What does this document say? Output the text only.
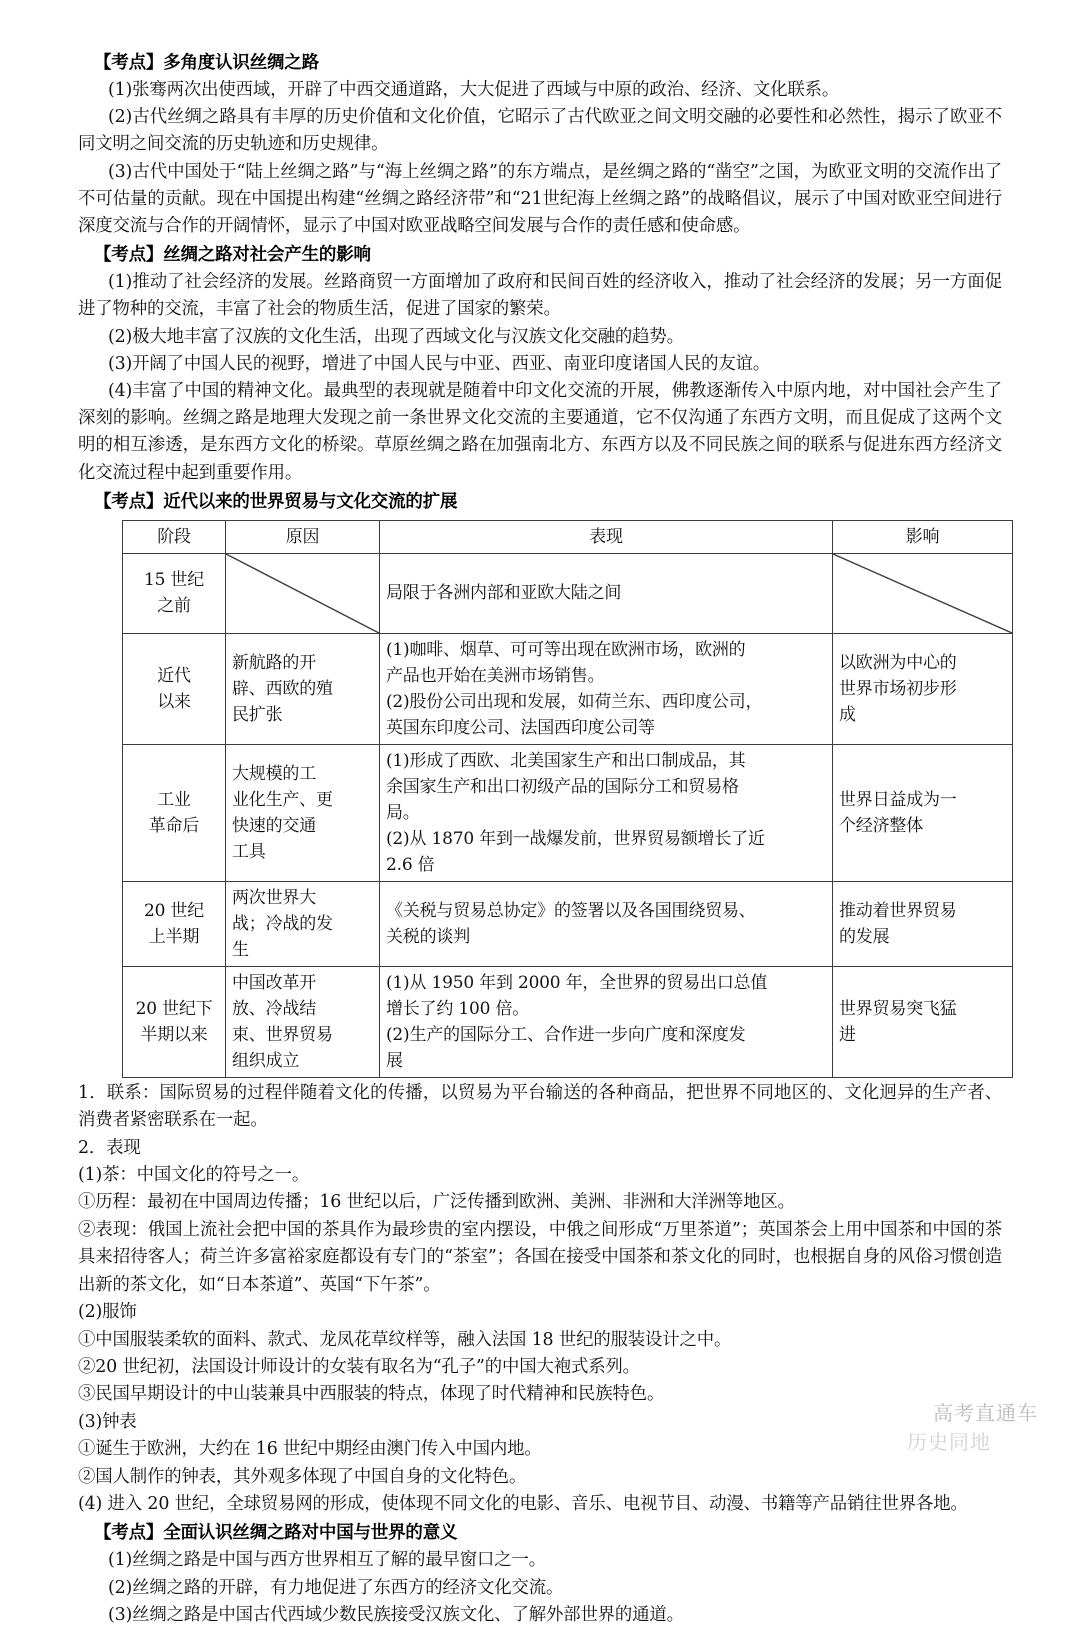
【考点】多角度认识丝绸之路

(1)张骞两次出使西域，开辟了中西交通道路，大大促进了西域与中原的政治、经济、文化联系。

(2)古代丝绸之路具有丰厚的历史价值和文化价值，它昭示了古代欧亚之间文明交融的必要性和必然性，揭示了欧亚不同文明之间交流的历史轨迹和历史规律。

(3)古代中国处于“陆上丝绸之路”与“海上丝绸之路”的东方端点，是丝绸之路的“凿空”之国，为欧亚文明的交流作出了不可估量的贡献。现在中国提出构建“丝绸之路经济带”和“21世纪海上丝绸之路”的战略倡议，展示了中国对欧亚空间进行深度交流与合作的开阔情怀，显示了中国对欧亚战略空间发展与合作的责任感和使命感。

【考点】丝绸之路对社会产生的影响

(1)推动了社会经济的发展。丝路商贸一方面增加了政府和民间百姓的经济收入，推动了社会经济的发展；另一方面促进了物种的交流，丰富了社会的物质生活，促进了国家的繁荣。

(2)极大地丰富了汉族的文化生活，出现了西域文化与汉族文化交融的趋势。

(3)开阔了中国人民的视野，增进了中国人民与中亚、西亚、南亚印度诸国人民的友谊。

(4)丰富了中国的精神文化。最典型的表现就是随着中印文化交流的开展，佛教逐渐传入中原内地，对中国社会产生了深刻的影响。丝绸之路是地理大发现之前一条世界文化交流的主要通道，它不仅沟通了东西方文明，而且促成了这两个文明的相互渗透，是东西方文化的桥梁。草原丝绸之路在加强南北方、东西方以及不同民族之间的联系与促进东西方经济文化交流过程中起到重要作用。

【考点】近代以来的世界贸易与文化交流的扩展
阶段	原因	表现	影响

15 世纪
之前		局限于各洲内部和亚欧大陆之间

近代
以来	新航路的开
辟、西欧的殖
民扩张	(1)咖啡、烟草、可可等出现在欧洲市场，欧洲的
产品也开始在美洲市场销售。
(2)股份公司出现和发展，如荷兰东、西印度公司，
英国东印度公司、法国西印度公司等	以欧洲为中心的
世界市场初步形
成

工业
革命后	大规模的工
业化生产、更
快速的交通
工具	(1)形成了西欧、北美国家生产和出口制成品，其
余国家生产和出口初级产品的国际分工和贸易格
局。
(2)从 1870 年到一战爆发前，世界贸易额增长了近
2.6 倍	世界日益成为一
个经济整体

20 世纪
上半期	两次世界大
战；冷战的发
生	《关税与贸易总协定》的签署以及各国围绕贸易、
关税的谈判	推动着世界贸易
的发展

20 世纪下
半期以来	中国改革开
放、冷战结
束、世界贸易
组织成立	(1)从 1950 年到 2000 年，全世界的贸易出口总值
增长了约 100 倍。
(2)生产的国际分工、合作进一步向广度和深度发
展	世界贸易突飞猛
进

1．联系：国际贸易的过程伴随着文化的传播，以贸易为平台输送的各种商品，把世界不同地区的、文化迥异的生产者、消费者紧密联系在一起。

2．表现

(1)茶：中国文化的符号之一。

①历程：最初在中国周边传播；16 世纪以后，广泛传播到欧洲、美洲、非洲和大洋洲等地区。

②表现：俄国上流社会把中国的茶具作为最珍贵的室内摆设，中俄之间形成“万里茶道”；英国茶会上用中国茶和中国的茶具来招待客人；荷兰许多富裕家庭都设有专门的“茶室”；各国在接受中国茶和茶文化的同时，也根据自身的风俗习惯创造出新的茶文化，如“日本茶道”、英国“下午茶”。

(2)服饰

①中国服装柔软的面料、款式、龙凤花草纹样等，融入法国 18 世纪的服装设计之中。

②20 世纪初，法国设计师设计的女装有取名为“孔子”的中国大袍式系列。

③民国早期设计的中山装兼具中西服装的特点，体现了时代精神和民族特色。

(3)钟表

①诞生于欧洲，大约在 16 世纪中期经由澳门传入中国内地。

②国人制作的钟表，其外观多体现了中国自身的文化特色。

(4) 进入 20 世纪，全球贸易网的形成，使体现不同文化的电影、音乐、电视节目、动漫、书籍等产品销往世界各地。

【考点】全面认识丝绸之路对中国与世界的意义

(1)丝绸之路是中国与西方世界相互了解的最早窗口之一。

(2)丝绸之路的开辟，有力地促进了东西方的经济文化交流。

(3)丝绸之路是中国古代西域少数民族接受汉族文化、了解外部世界的通道。

高考直通车
历史同地
